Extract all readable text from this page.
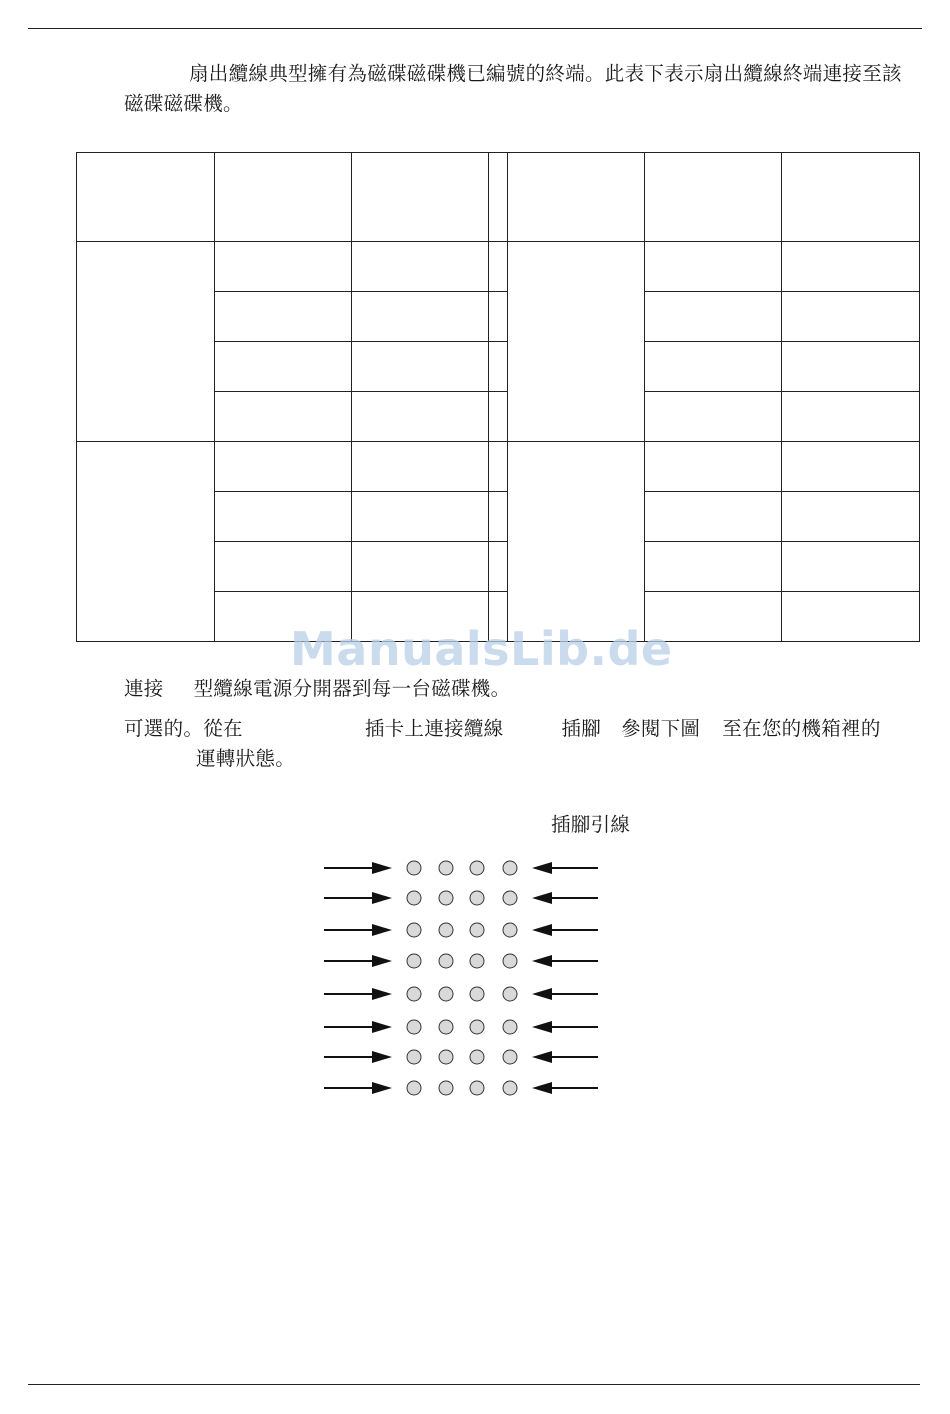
扇出纜線典型擁有為磁碟磁碟機已編號的終端。此表下表示扇出纜線終端連接至該磁碟磁碟機。

ManualsLib.de

連接 型纜線電源分開器到每一台磁碟機。

可選的。從在	插卡上連接纜線	插腳 參閱下圖 至在您的機箱裡的運轉狀態。

插腳引線
